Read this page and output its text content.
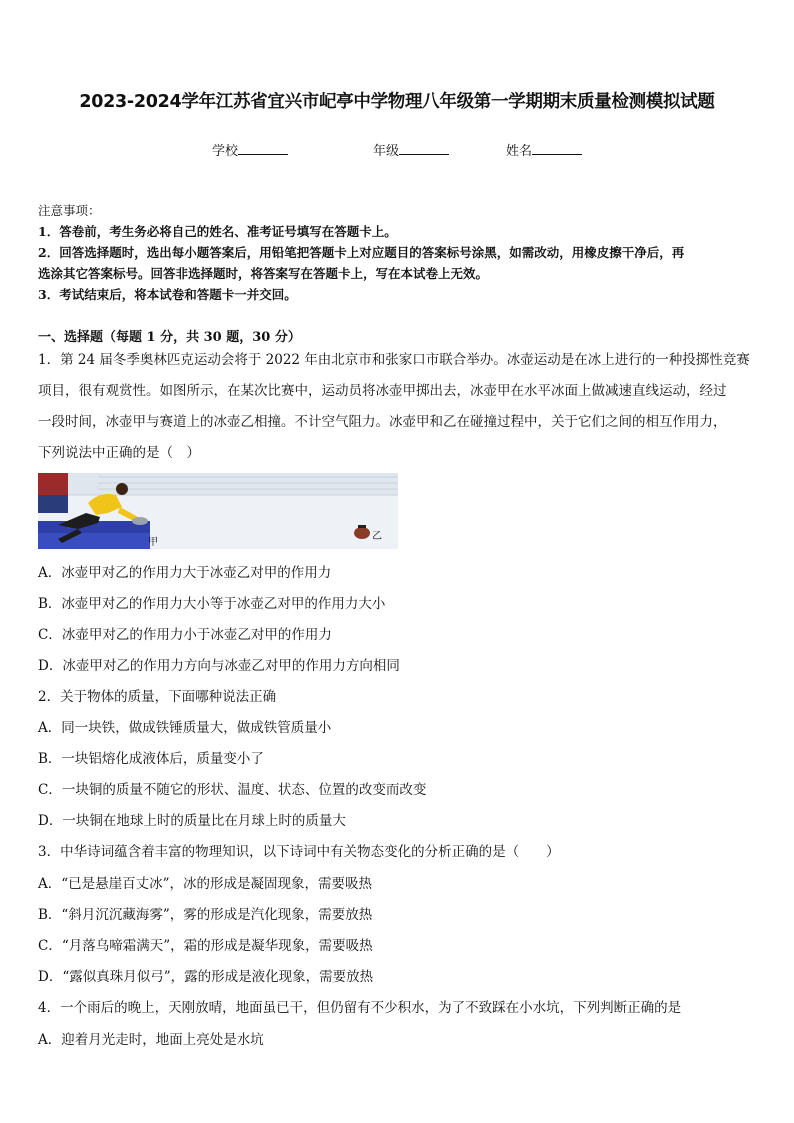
2023-2024学年江苏省宜兴市屺亭中学物理八年级第一学期期末质量检测模拟试题
学校	年级	姓名
注意事项：
1．答卷前，考生务必将自己的姓名、准考证号填写在答题卡上。
2．回答选择题时，选出每小题答案后，用铅笔把答题卡上对应题目的答案标号涂黑，如需改动，用橡皮擦干净后，再
选涂其它答案标号。回答非选择题时，将答案写在答题卡上，写在本试卷上无效。
3．考试结束后，将本试卷和答题卡一并交回。
一、选择题（每题 1 分，共 30 题，30 分）

1．第 24 届冬季奥林匹克运动会将于 2022 年由北京市和张家口市联合举办。冰壶运动是在冰上进行的一种投掷性竞赛

项目，很有观赏性。如图所示，在某次比赛中，运动员将冰壶甲掷出去，冰壶甲在水平冰面上做减速直线运动，经过

一段时间，冰壶甲与赛道上的冰壶乙相撞。不计空气阻力。冰壶甲和乙在碰撞过程中，关于它们之间的相互作用力，

下列说法中正确的是（　）

甲
乙
A．冰壶甲对乙的作用力大于冰壶乙对甲的作用力
B．冰壶甲对乙的作用力大小等于冰壶乙对甲的作用力大小
C．冰壶甲对乙的作用力小于冰壶乙对甲的作用力
D．冰壶甲对乙的作用力方向与冰壶乙对甲的作用力方向相同
2．关于物体的质量，下面哪种说法正确
A．同一块铁，做成铁锤质量大，做成铁管质量小
B．一块铝熔化成液体后，质量变小了
C．一块铜的质量不随它的形状、温度、状态、位置的改变而改变
D．一块铜在地球上时的质量比在月球上时的质量大
3．中华诗词蕴含着丰富的物理知识，以下诗词中有关物态变化的分析正确的是（　　）
A．“已是悬崖百丈冰”，冰的形成是凝固现象，需要吸热
B．“斜月沉沉藏海雾”，雾的形成是汽化现象，需要放热
C．“月落乌啼霜满天”，霜的形成是凝华现象，需要吸热
D．“露似真珠月似弓”，露的形成是液化现象，需要放热
4．一个雨后的晚上，天刚放晴，地面虽已干，但仍留有不少积水，为了不致踩在小水坑，下列判断正确的是
A．迎着月光走时，地面上亮处是水坑
